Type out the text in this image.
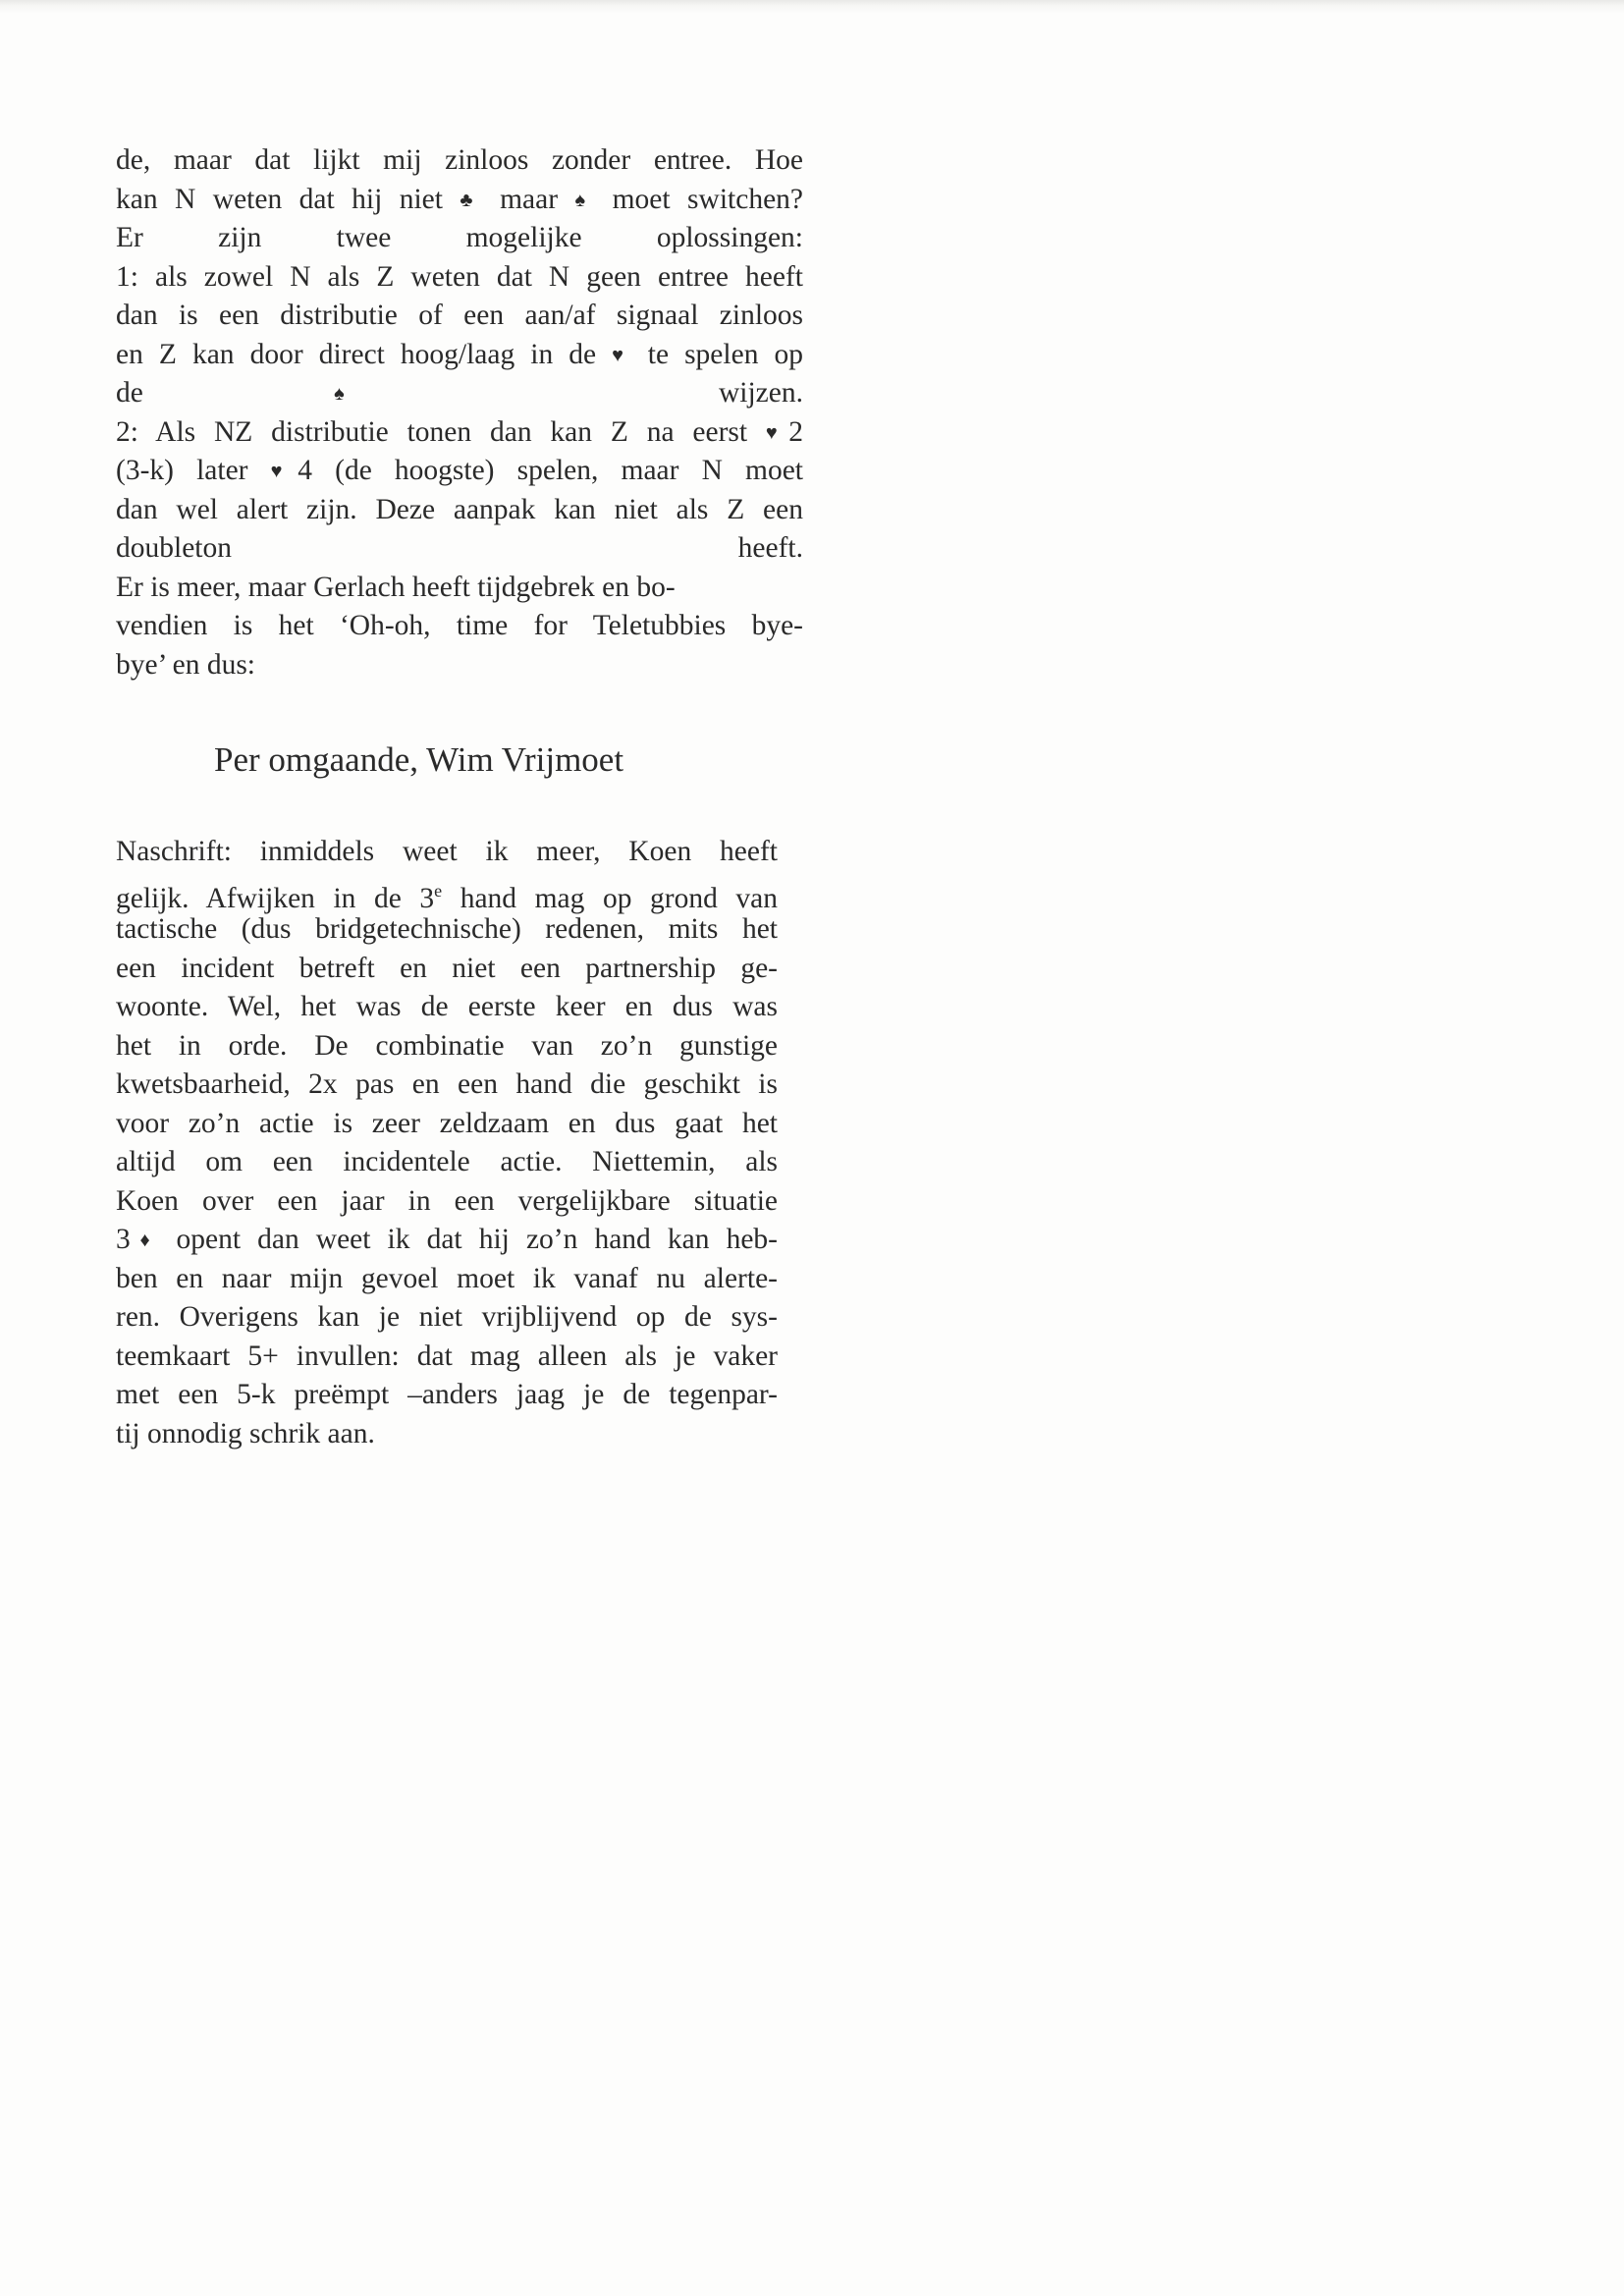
de, maar dat lijkt mij zinloos zonder entree. Hoe
kan N weten dat hij niet ♣ maar ♠ moet switchen?
Er zijn twee mogelijke oplossingen:
1: als zowel N als Z weten dat N geen entree heeft
dan is een distributie of een aan/af signaal zinloos
en Z kan door direct hoog/laag in de ♥ te spelen op
de ♠ wijzen.
2: Als NZ distributie tonen dan kan Z na eerst ♥2
(3-k) later ♥4 (de hoogste) spelen, maar N moet
dan wel alert zijn. Deze aanpak kan niet als Z een
doubleton heeft.
Er is meer, maar Gerlach heeft tijdgebrek en bo-
vendien is het ‘Oh-oh, time for Teletubbies bye-
bye’ en dus:
Per omgaande, Wim Vrijmoet
Naschrift: inmiddels weet ik meer, Koen heeft
gelijk. Afwijken in de 3e hand mag op grond van
tactische (dus bridgetechnische) redenen, mits het
een incident betreft en niet een partnership ge-
woonte. Wel, het was de eerste keer en dus was
het in orde. De combinatie van zo’n gunstige
kwetsbaarheid, 2x pas en een hand die geschikt is
voor zo’n actie is zeer zeldzaam en dus gaat het
altijd om een incidentele actie. Niettemin, als
Koen over een jaar in een vergelijkbare situatie
3♦ opent dan weet ik dat hij zo’n hand kan heb-
ben en naar mijn gevoel moet ik vanaf nu alerte-
ren. Overigens kan je niet vrijblijvend op de sys-
teemkaart 5+ invullen: dat mag alleen als je vaker
met een 5-k preëmpt –anders jaag je de tegenpar-
tij onnodig schrik aan.
